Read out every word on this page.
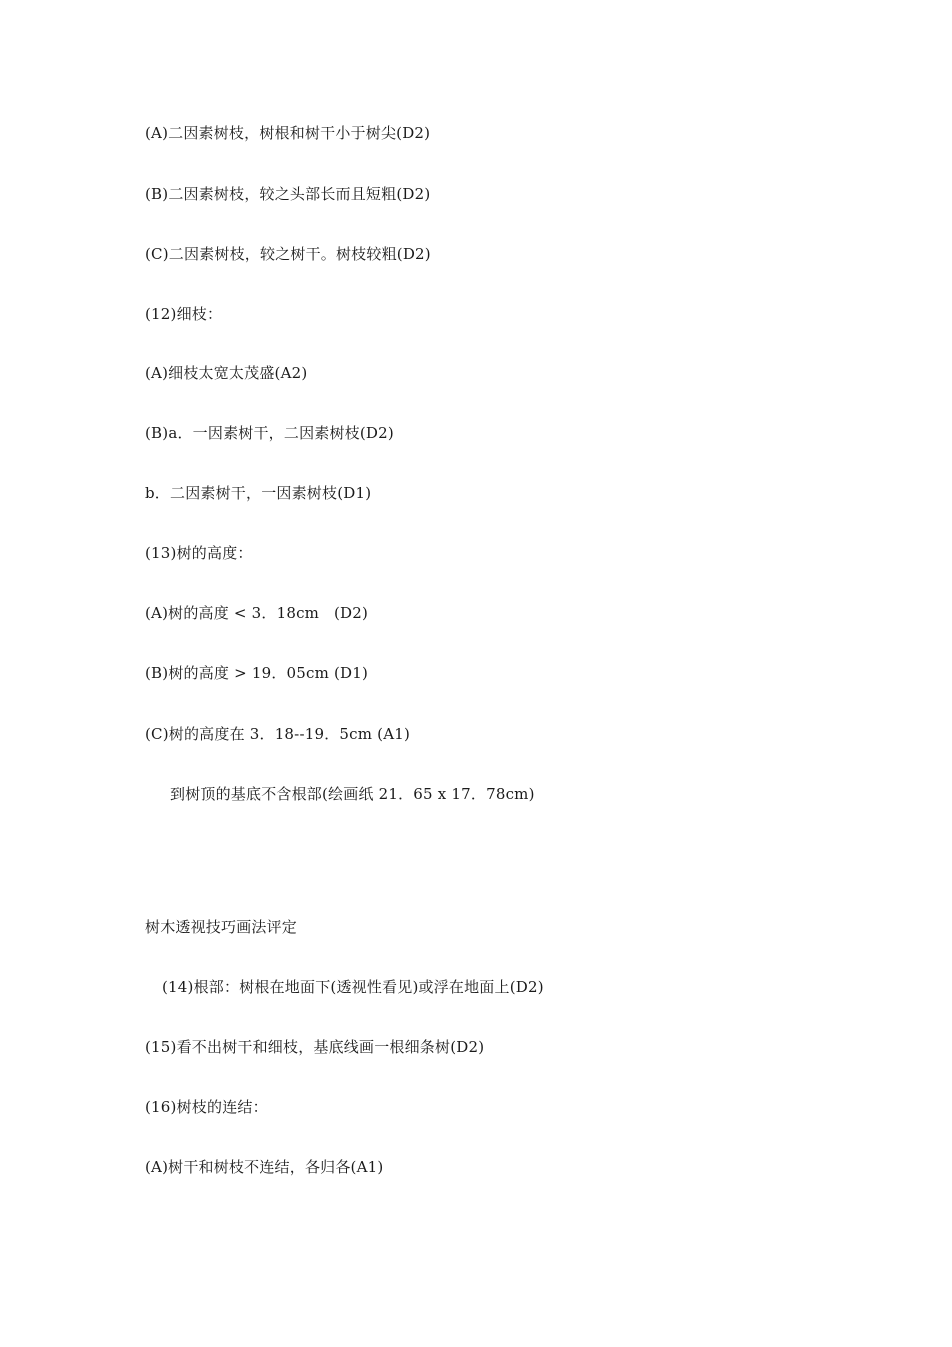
(A)二因素树枝，树根和树干小于树尖(D2)
(B)二因素树枝，较之头部长而且短粗(D2)
(C)二因素树枝，较之树干。树枝较粗(D2)
(12)细枝：
(A)细枝太宽太茂盛(A2)
(B)a．一因素树干，二因素树枝(D2)
b．二因素树干，一因素树枝(D1)
(13)树的高度：
(A)树的高度 < 3．18cm   (D2)
(B)树的高度 > 19．05cm (D1)
(C)树的高度在 3．18--19．5cm (A1)
到树顶的基底不含根部(绘画纸 21．65 x 17．78cm)
树木透视技巧画法评定
(14)根部：树根在地面下(透视性看见)或浮在地面上(D2)
(15)看不出树干和细枝，基底线画一根细条树(D2)
(16)树枝的连结：
(A)树干和树枝不连结，各归各(A1)
